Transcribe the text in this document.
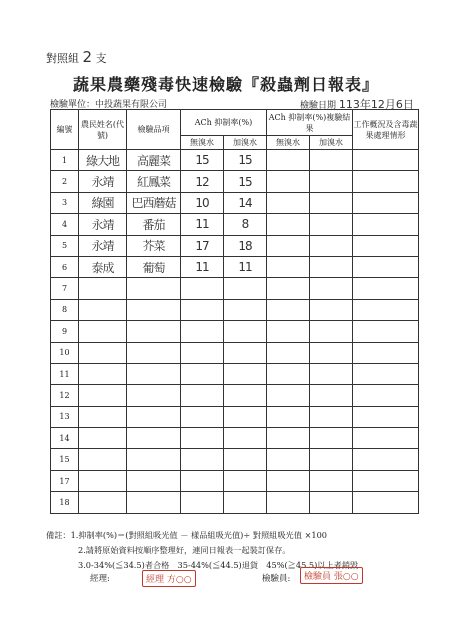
對照組 2 支
蔬果農藥殘毒快速檢驗『殺蟲劑日報表』
檢驗單位：中投蔬果有限公司	檢驗日期 113年12月6日
編號	農民姓名(代號)	檢驗品項	ACh 抑制率(%)		ACh 抑制率(%)複驗結果		工作概況及含毒蔬果處理情形
			無溴水	加溴水	無溴水	加溴水	
1	綠大地	高麗菜	15	15			
2	永靖	紅鳳菜	12	15			
3	綠園	巴西蘑菇	10	14			
4	永靖	番茄	11	8			
5	永靖	芥菜	17	18			
6	泰成	葡萄	11	11			
7							
8							
9							
10							
11							
12							
13							
14							
15							
17							
18							
備註：1.抑制率(%)＝(對照組吸光值 － 樣品組吸光值)÷ 對照組吸光值 ×100
2.請將原始資料按順序整理好，連同日報表一起裝訂保存。
3.0-34%(≦34.5)者合格　35-44%(≦44.5)退貨　45%(≧45.5)以上者銷毀
經理:	經理 方○○	檢驗員:	檢驗員 張○○
